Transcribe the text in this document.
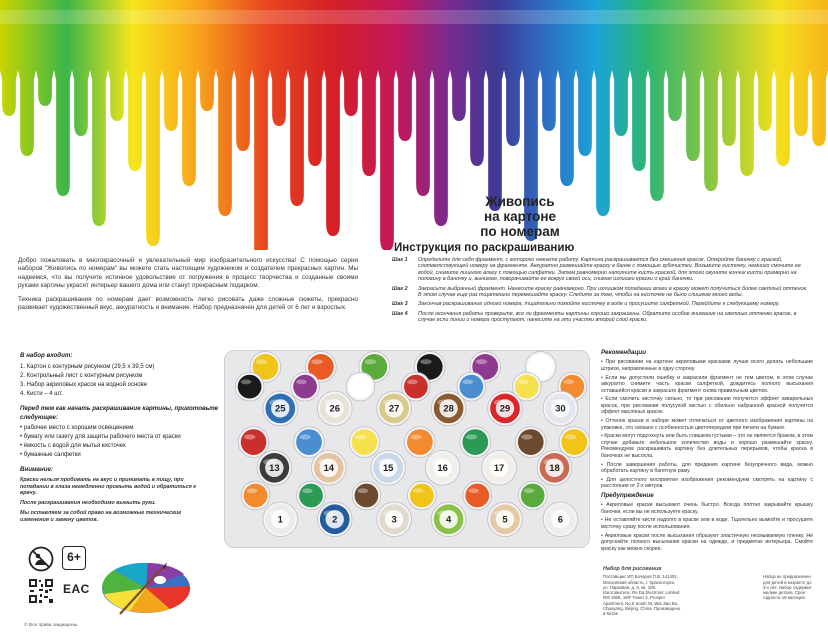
Живопись
на картоне
по номерам
Инструкция по раскрашиванию

Добро пожаловать в многокрасочный и увлекательный мир изобразительного искусства! С помощью серии наборов "Живопись по номерам" вы можете стать настоящим художником и создателем прекрасных картин. Мы надеемся, что вы получите истинное удовольствие от погружения в процесс творчества и созданные своими руками картины украсят интерьер вашего дома или станут прекрасным подарком.

Техника раскрашивания по номерам дает возможность легко рисовать даже сложные сюжеты, прекрасно развивает художественный вкус, аккуратность и внимание. Набор предназначен для детей от 6 лет и взрослых.

Шаг 1	Определите для себя фрагмент, с которого начнете работу. Картина раскрашивается без смешения красок. Откройте баночку с краской, соответствующей номеру на фрагменте. Аккуратно размешайте краску в банке с помощью зубочистки. Возьмите кисточку, немного смочите ее водой, снимите лишнюю влагу с помощью салфетки. Затем равномерно наполните кисть краской, для этого окуните кончик кисти примерно на половину в баночку и, вынимая, поворачивайте ее вокруг своей оси, снимая излишки краски о край баночки.
Шаг 2	Закрасьте выбранный фрагмент. Нанесите краску равномерно. При излишком попадании влаги в краску может получиться более светлый оттенок. В этом случае еще раз тщательно перемешайте краску. Следите за тем, чтобы на кисточке не было слишком много воды.
Шаг 3	Закончив раскрашивание одного номера, тщательно помойте кисточку в воде и просушите салфеткой. Перейдите к следующему номеру.
Шаг 4	После окончания работы проверьте, все ли фрагменты картины хорошо закрашены. Обратите особое внимание на светлые оттенки красок, в случае если линии и номера проступают, нанесите на эти участки второй слой краски.
В набор входит:
1. Картон с контурным рисунком (29,5 х 39,5 см)
2. Контрольный лист с контурным рисунком
3. Набор акриловых красок на водной основе
4. Кисти – 4 шт.
Перед тем как начать раскрашивание картины, приготовьте следующее:
• рабочее место с хорошим освещением
• бумагу или газету для защиты рабочего места от краски
• ёмкость с водой для мытья кисточек
• бумажные салфетки
Внимание:

Краски нельзя пробовать на вкус и принимать в пищу, при попадании в глаза немедленно промыть водой и обратиться к врачу.

После раскрашивания необходимо вымыть руки.

Мы оставляем за собой право на возможные технические изменения и замену цветов.

25	26	27	28	29	30
13	14	15	16	17	18
1	2	3	4	5	6
Рекомендации
• При рисовании на картоне акриловыми красками лучше всего делать небольшие штрихи, направленные в одну сторону.
• Если вы допустили ошибку и закрасили фрагмент не тем цветом, в этом случае аккуратно снимите часть краски салфеткой, дождитесь полного высыхания оставшейся краски и закрасьте фрагмент снова правильным цветом.
• Если смочить кисточку сильно, то при рисовании получится эффект акварельных красок, при рисовании полусухой кистью с обильно набранной краской получится эффект масляных красок.
• Оттенок краски в наборе может отличаться от цветного изображения картины на упаковке, это связано с особенностью цветопередачи при печати на бумаге.
• Краски могут подсохнуть или быть слишком густыми – это не является браком, в этом случае добавьте небольшое количество воды и хорошо размешайте краску. Рекомендуем раскрашивать картину без длительных перерывов, чтобы краска в баночках не высохла.
• После завершения работы, для придания картине безупречного вида, можно обработать картину в багетную раму.
• Для целостного восприятия изображения рекомендуем смотреть на картину с расстояния от 2-х метров.
Предупреждение
• Акриловые краски высыхают очень быстро. Всегда плотно закрывайте крышку баночки, если вы не используете краску.
• Не оставляйте кисти надолго в краске или в воде. Тщательно вымойте и просушите кисточку сразу после использования.
• Акриловые краски после высыхания образуют эластичную несмываемую пленку. Не допускайте полного высыхания краски на одежде, и предметах интерьера. Смойте краску как можно скорее.
Набор для рисования
Поставщик: ИП Бочаров П.В. 141401, Московская область, г. Красногорск, ул. Парковая, д. 8, кв. 109. Изготовитель: Re Da Electronic Limited RM 1906, 19/F Tower 2, Prosper Apartment, No.6 South St, Wai Jiao Bu, Chaoyang, Beijing, China. Произведено в Китае
Набор не предназначен для детей в возрасте до 3-х лет. Набор содержит мелкие детали. Срок годности 18 месяцев.
6+
EAC
© Все права защищены.
